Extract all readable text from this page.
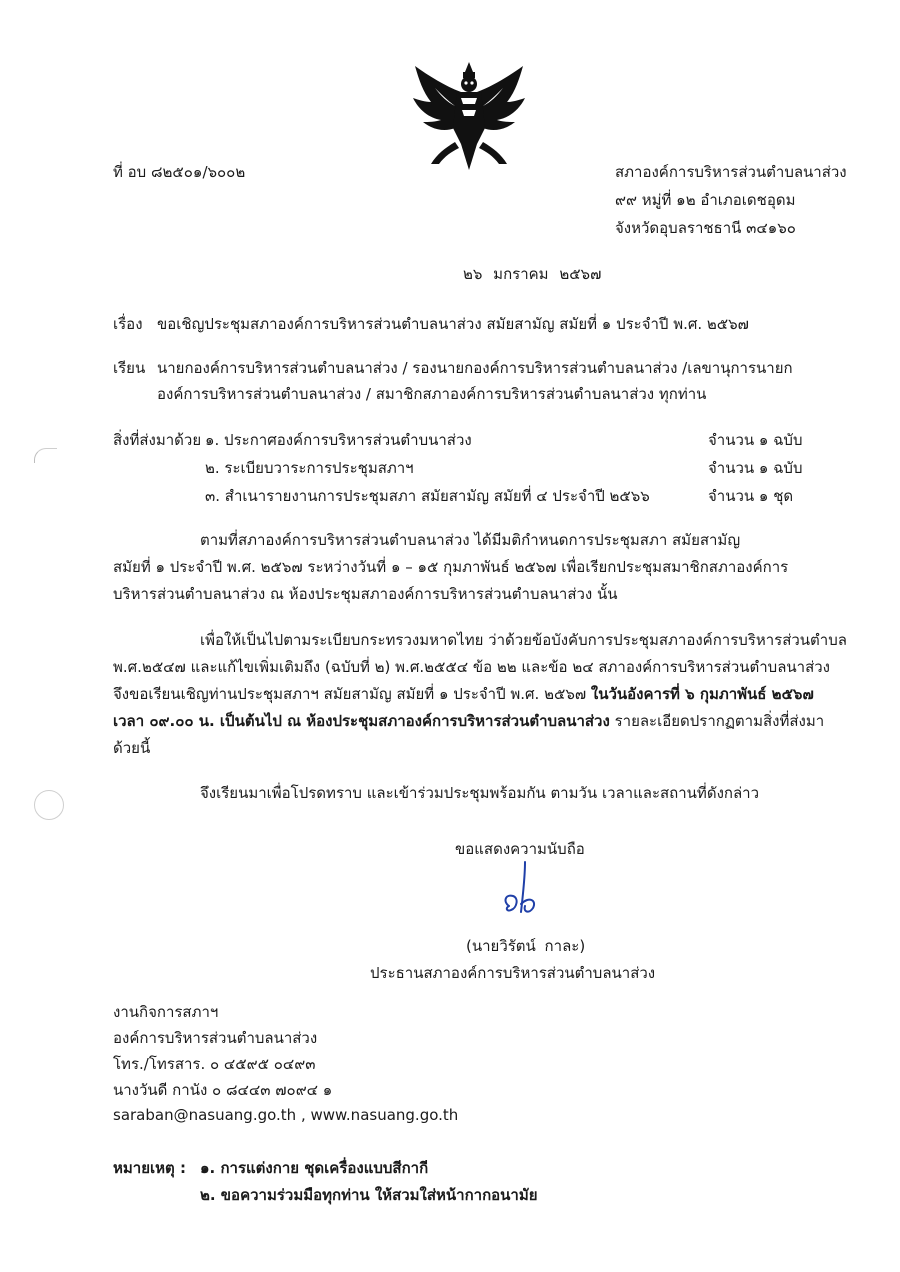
ที่ อบ ๘๒๕๐๑/๖๐๐๒	สภาองค์การบริหารส่วนตำบลนาส่วง
๙๙ หมู่ที่ ๑๒ อำเภอเดชอุดม
จังหวัดอุบลราชธานี ๓๔๑๖๐
๒๖ มกราคม ๒๕๖๗
เรื่อง ขอเชิญประชุมสภาองค์การบริหารส่วนตำบลนาส่วง สมัยสามัญ สมัยที่ ๑ ประจำปี พ.ศ. ๒๕๖๗
เรียน นายกองค์การบริหารส่วนตำบลนาส่วง / รองนายกองค์การบริหารส่วนตำบลนาส่วง /เลขานุการนายก
องค์การบริหารส่วนตำบลนาส่วง / สมาชิกสภาองค์การบริหารส่วนตำบลนาส่วง ทุกท่าน
สิ่งที่ส่งมาด้วย ๑. ประกาศองค์การบริหารส่วนตำบนาส่วง	จำนวน ๑ ฉบับ
๒. ระเบียบวาระการประชุมสภาฯ	จำนวน ๑ ฉบับ
๓. สำเนารายงานการประชุมสภา สมัยสามัญ สมัยที่ ๔ ประจำปี ๒๕๖๖	จำนวน ๑ ชุด
ตามที่สภาองค์การบริหารส่วนตำบลนาส่วง ได้มีมติกำหนดการประชุมสภา สมัยสามัญ
สมัยที่ ๑ ประจำปี พ.ศ. ๒๕๖๗ ระหว่างวันที่ ๑ – ๑๕ กุมภาพันธ์ ๒๕๖๗ เพื่อเรียกประชุมสมาชิกสภาองค์การ
บริหารส่วนตำบลนาส่วง ณ ห้องประชุมสภาองค์การบริหารส่วนตำบลนาส่วง นั้น
เพื่อให้เป็นไปตามระเบียบกระทรวงมหาดไทย ว่าด้วยข้อบังคับการประชุมสภาองค์การบริหารส่วนตำบล
พ.ศ.๒๕๔๗ และแก้ไขเพิ่มเติมถึง (ฉบับที่ ๒) พ.ศ.๒๕๕๔ ข้อ ๒๒ และข้อ ๒๔ สภาองค์การบริหารส่วนตำบลนาส่วง
จึงขอเรียนเชิญท่านประชุมสภาฯ สมัยสามัญ สมัยที่ ๑ ประจำปี พ.ศ. ๒๕๖๗ ในวันอังคารที่ ๖ กุมภาพันธ์ ๒๕๖๗
เวลา ๐๙.๐๐ น. เป็นต้นไป ณ ห้องประชุมสภาองค์การบริหารส่วนตำบลนาส่วง รายละเอียดปรากฏตามสิ่งที่ส่งมา
ด้วยนี้
จึงเรียนมาเพื่อโปรดทราบ และเข้าร่วมประชุมพร้อมกัน ตามวัน เวลาและสถานที่ดังกล่าว
ขอแสดงความนับถือ
(นายวิรัตน์ กาละ)
ประธานสภาองค์การบริหารส่วนตำบลนาส่วง
งานกิจการสภาฯ
องค์การบริหารส่วนตำบลนาส่วง
โทร./โทรสาร. ๐ ๔๕๙๕ ๐๔๙๓
นางวันดี กานัง ๐ ๘๔๔๓ ๗๐๙๔ ๑
saraban@nasuang.go.th , www.nasuang.go.th
หมายเหตุ : ๑. การแต่งกาย ชุดเครื่องแบบสีกากี
๒. ขอความร่วมมือทุกท่าน ให้สวมใส่หน้ากากอนามัย
